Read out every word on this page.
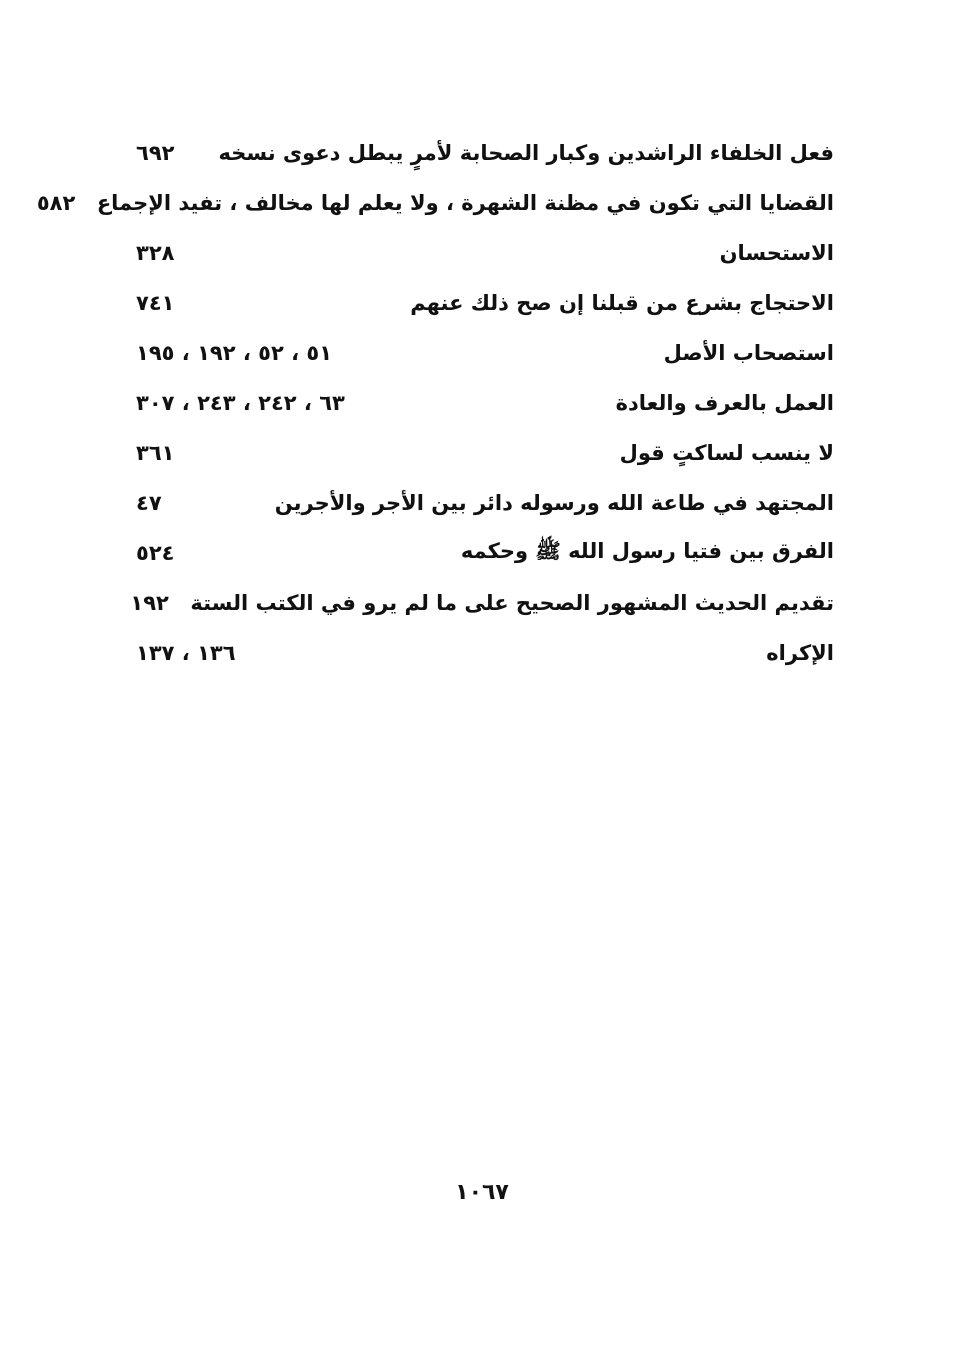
فعل الخلفاء الراشدين وكبار الصحابة لأمرٍ يبطل دعوى نسخه
٦٩٢
القضايا التي تكون في مظنة الشهرة ، ولا يعلم لها مخالف ، تفيد الإجماع
٥٨٢
الاستحسان
٣٢٨
الاحتجاج بشرع من قبلنا إن صح ذلك عنهم
٧٤١
استصحاب الأصل
٥١ ، ٥٢ ، ١٩٢ ، ١٩٥
العمل بالعرف والعادة
٦٣ ، ٢٤٢ ، ٢٤٣ ، ٣٠٧
لا ينسب لساكتٍ قول
٣٦١
المجتهد في طاعة الله ورسوله دائر بين الأجر والأجرين
٤٧
الفرق بين فتيا رسول الله ﷺ وحكمه
٥٢٤
تقديم الحديث المشهور الصحيح على ما لم يرو في الكتب الستة
١٩٢
الإكراه
١٣٦ ، ١٣٧
١٠٦٧
